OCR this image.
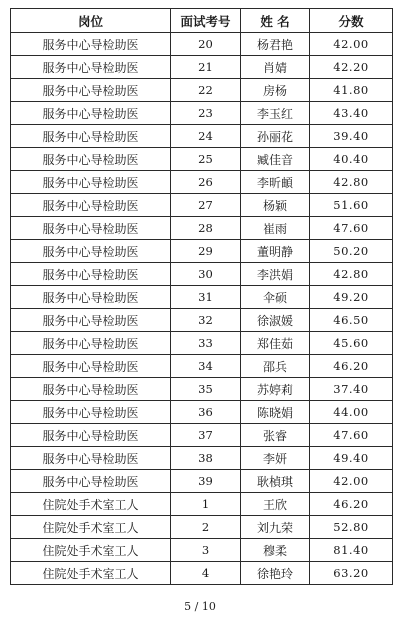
岗位	面试考号	姓 名	分数
服务中心导检助医	20	杨君艳	42.00
服务中心导检助医	21	肖婧	42.20
服务中心导检助医	22	房杨	41.80
服务中心导检助医	23	李玉红	43.40
服务中心导检助医	24	孙丽花	39.40
服务中心导检助医	25	臧佳音	40.40
服务中心导检助医	26	李昕頔	42.80
服务中心导检助医	27	杨颖	51.60
服务中心导检助医	28	崔雨	47.60
服务中心导检助医	29	董明静	50.20
服务中心导检助医	30	李洪娟	42.80
服务中心导检助医	31	伞硕	49.20
服务中心导检助医	32	徐淑媛	46.50
服务中心导检助医	33	郑佳茹	45.60
服务中心导检助医	34	邵兵	46.20
服务中心导检助医	35	苏婷莉	37.40
服务中心导检助医	36	陈晓娟	44.00
服务中心导检助医	37	张睿	47.60
服务中心导检助医	38	李妍	49.40
服务中心导检助医	39	耿楨琪	42.00
住院处手术室工人	1	王欣	46.20
住院处手术室工人	2	刘九荣	52.80
住院处手术室工人	3	穆柔	81.40
住院处手术室工人	4	徐艳玲	63.20
5 / 10
